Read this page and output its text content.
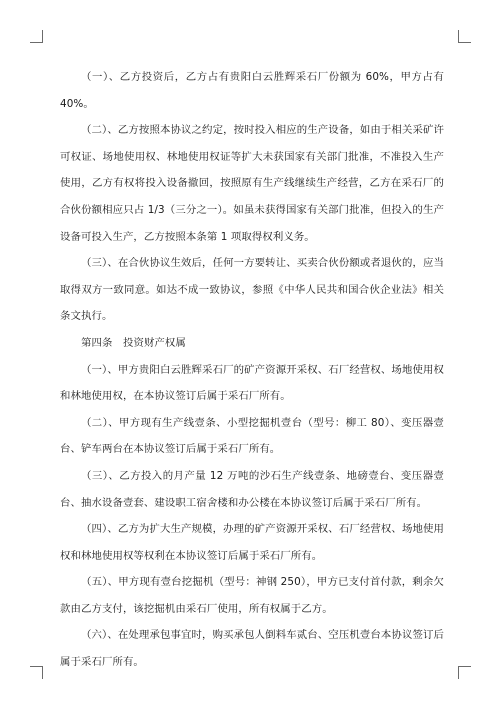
（一）、乙方投资后，乙方占有贵阳白云胜辉采石厂份额为 60%，甲方占有40%。

（二）、乙方按照本协议之约定，按时投入相应的生产设备，如由于相关采矿许可权证、场地使用权、林地使用权证等扩大未获国家有关部门批准，不准投入生产使用，乙方有权将投入设备撤回，按照原有生产线继续生产经营，乙方在采石厂的合伙份额相应只占 1/3（三分之一）。如虽未获得国家有关部门批准，但投入的生产设备可投入生产，乙方按照本条第 1 项取得权利义务。

（三）、在合伙协议生效后，任何一方要转让、买卖合伙份额或者退伙的，应当取得双方一致同意。如达不成一致协议，参照《中华人民共和国合伙企业法》相关条文执行。

第四条　投资财产权属

（一）、甲方贵阳白云胜辉采石厂的矿产资源开采权、石厂经营权、场地使用权和林地使用权，在本协议签订后属于采石厂所有。

（二）、甲方现有生产线壹条、小型挖掘机壹台（型号：柳工 80）、变压器壹台、铲车两台在本协议签订后属于采石厂所有。

（三）、乙方投入的月产量 12 万吨的沙石生产线壹条、地磅壹台、变压器壹台、抽水设备壹套、建设职工宿舍楼和办公楼在本协议签订后属于采石厂所有。

（四）、乙方为扩大生产规模，办理的矿产资源开采权、石厂经营权、场地使用权和林地使用权等权利在本协议签订后属于采石厂所有。

（五）、甲方现有壹台挖掘机（型号：神钢 250），甲方已支付首付款，剩余欠款由乙方支付，该挖掘机由采石厂使用，所有权属于乙方。

（六）、在处理承包事宜时，购买承包人倒料车贰台、空压机壹台本协议签订后属于采石厂所有。
